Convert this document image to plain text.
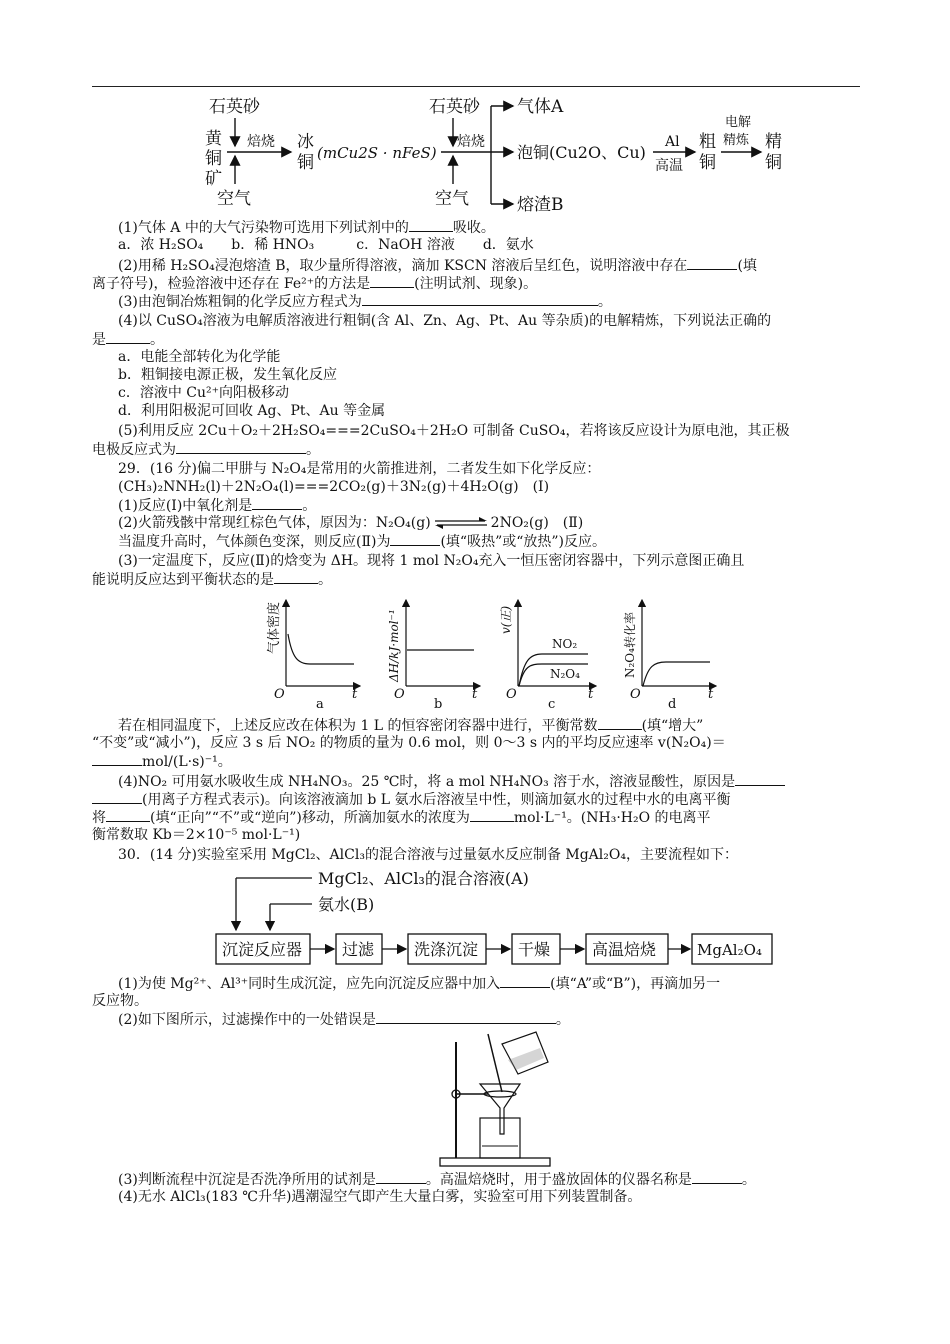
石英砂
黄
铜
矿
焙烧
空气
冰
铜 (mCu2S · nFeS)
石英砂
焙烧
空气
气体A
熔渣B
泡铜(Cu2O、Cu)
Al
高温
粗
铜
电解
精炼 精
铜
(1)气体 A 中的大气污染物可选用下列试剂中的	吸收。
a．浓 H₂SO₄　　b．稀 HNO₃　　　c．NaOH 溶液　　d．氨水
(2)用稀 H₂SO₄浸泡熔渣 B，取少量所得溶液，滴加 KSCN 溶液后呈红色，说明溶液中存在	(填
离子符号)，检验溶液中还存在 Fe²⁺的方法是	(注明试剂、现象)。
(3)由泡铜冶炼粗铜的化学反应方程式为	。
(4)以 CuSO₄溶液为电解质溶液进行粗铜(含 Al、Zn、Ag、Pt、Au 等杂质)的电解精炼，下列说法正确的
是	。
a．电能全部转化为化学能
b．粗铜接电源正极，发生氧化反应
c．溶液中 Cu²⁺向阳极移动
d．利用阳极泥可回收 Ag、Pt、Au 等金属
(5)利用反应 2Cu＋O₂＋2H₂SO₄===2CuSO₄＋2H₂O 可制备 CuSO₄，若将该反应设计为原电池，其正极
电极反应式为	。
29．(16 分)偏二甲肼与 N₂O₄是常用的火箭推进剂，二者发生如下化学反应：
(CH₃)₂NNH₂(l)＋2N₂O₄(l)===2CO₂(g)＋3N₂(g)＋4H₂O(g)　(Ⅰ)
(1)反应(Ⅰ)中氧化剂是	。
(2)火箭残骸中常现红棕色气体，原因为：N₂O₄(g) ⇌ 2NO₂(g)　(Ⅱ)
当温度升高时，气体颜色变深，则反应(Ⅱ)为	(填“吸热”或“放热”)反应。
(3)一定温度下，反应(Ⅱ)的焓变为 ΔH。现将 1 mol N₂O₄充入一恒压密闭容器中，下列示意图正确且
能说明反应达到平衡状态的是	。
气体密度
O	t
a
ΔH/kJ·mol⁻¹
O	t
b
v(正)
NO₂
N₂O₄
O	t
c
N₂O₄转化率
O	t
d
若在相同温度下，上述反应改在体积为 1 L 的恒容密闭容器中进行，平衡常数	(填“增大”
“不变”或“减小”)，反应 3 s 后 NO₂ 的物质的量为 0.6 mol，则 0～3 s 内的平均反应速率 v(N₂O₄)＝
mol/(L·s)⁻¹。
(4)NO₂ 可用氨水吸收生成 NH₄NO₃。25 ℃时，将 a mol NH₄NO₃ 溶于水，溶液显酸性，原因是
(用离子方程式表示)。向该溶液滴加 b L 氨水后溶液呈中性，则滴加氨水的过程中水的电离平衡
将	(填“正向”“不”或“逆向”)移动，所滴加氨水的浓度为	mol·L⁻¹。(NH₃·H₂O 的电离平
衡常数取 Kb＝2×10⁻⁵ mol·L⁻¹)
30．(14 分)实验室采用 MgCl₂、AlCl₃的混合溶液与过量氨水反应制备 MgAl₂O₄，主要流程如下：
MgCl₂、AlCl₃的混合溶液(A)
氨水(B)
沉淀反应器 过滤 洗涤沉淀 干燥	高温焙烧	MgAl₂O₄
(1)为使 Mg²⁺、Al³⁺同时生成沉淀，应先向沉淀反应器中加入	(填“A”或“B”)，再滴加另一
反应物。
(2)如下图所示，过滤操作中的一处错误是	。
(3)判断流程中沉淀是否洗净所用的试剂是	。高温焙烧时，用于盛放固体的仪器名称是	。
(4)无水 AlCl₃(183 ℃升华)遇潮湿空气即产生大量白雾，实验室可用下列装置制备。
